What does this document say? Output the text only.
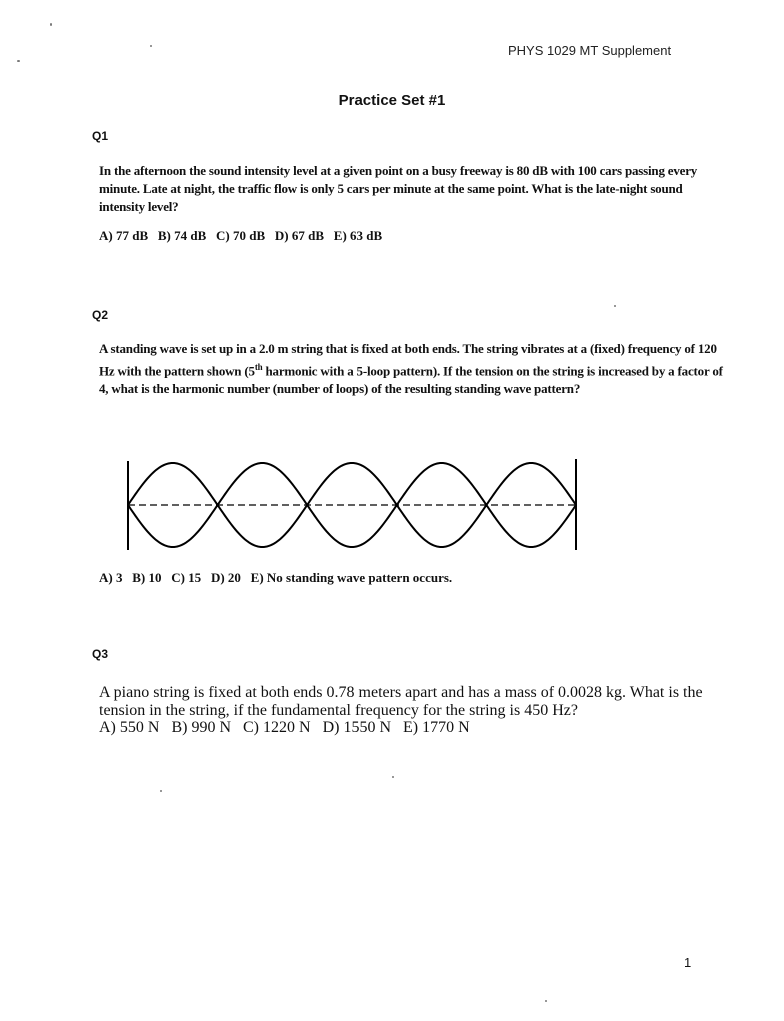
PHYS 1029 MT Supplement
Practice Set #1
Q1
In the afternoon the sound intensity level at a given point on a busy freeway is 80 dB with 100 cars passing every minute. Late at night, the traffic flow is only 5 cars per minute at the same point. What is the late-night sound intensity level?
A) 77 dB B) 74 dB C) 70 dB D) 67 dB E) 63 dB
Q2
A standing wave is set up in a 2.0 m string that is fixed at both ends. The string vibrates at a (fixed) frequency of 120 Hz with the pattern shown (5th harmonic with a 5-loop pattern). If the tension on the string is increased by a factor of 4, what is the harmonic number (number of loops) of the resulting standing wave pattern?
A) 3 B) 10 C) 15 D) 20 E) No standing wave pattern occurs.
Q3
A piano string is fixed at both ends 0.78 meters apart and has a mass of 0.0028 kg. What is the tension in the string, if the fundamental frequency for the string is 450 Hz?
A) 550 N B) 990 N C) 1220 N D) 1550 N E) 1770 N
1
